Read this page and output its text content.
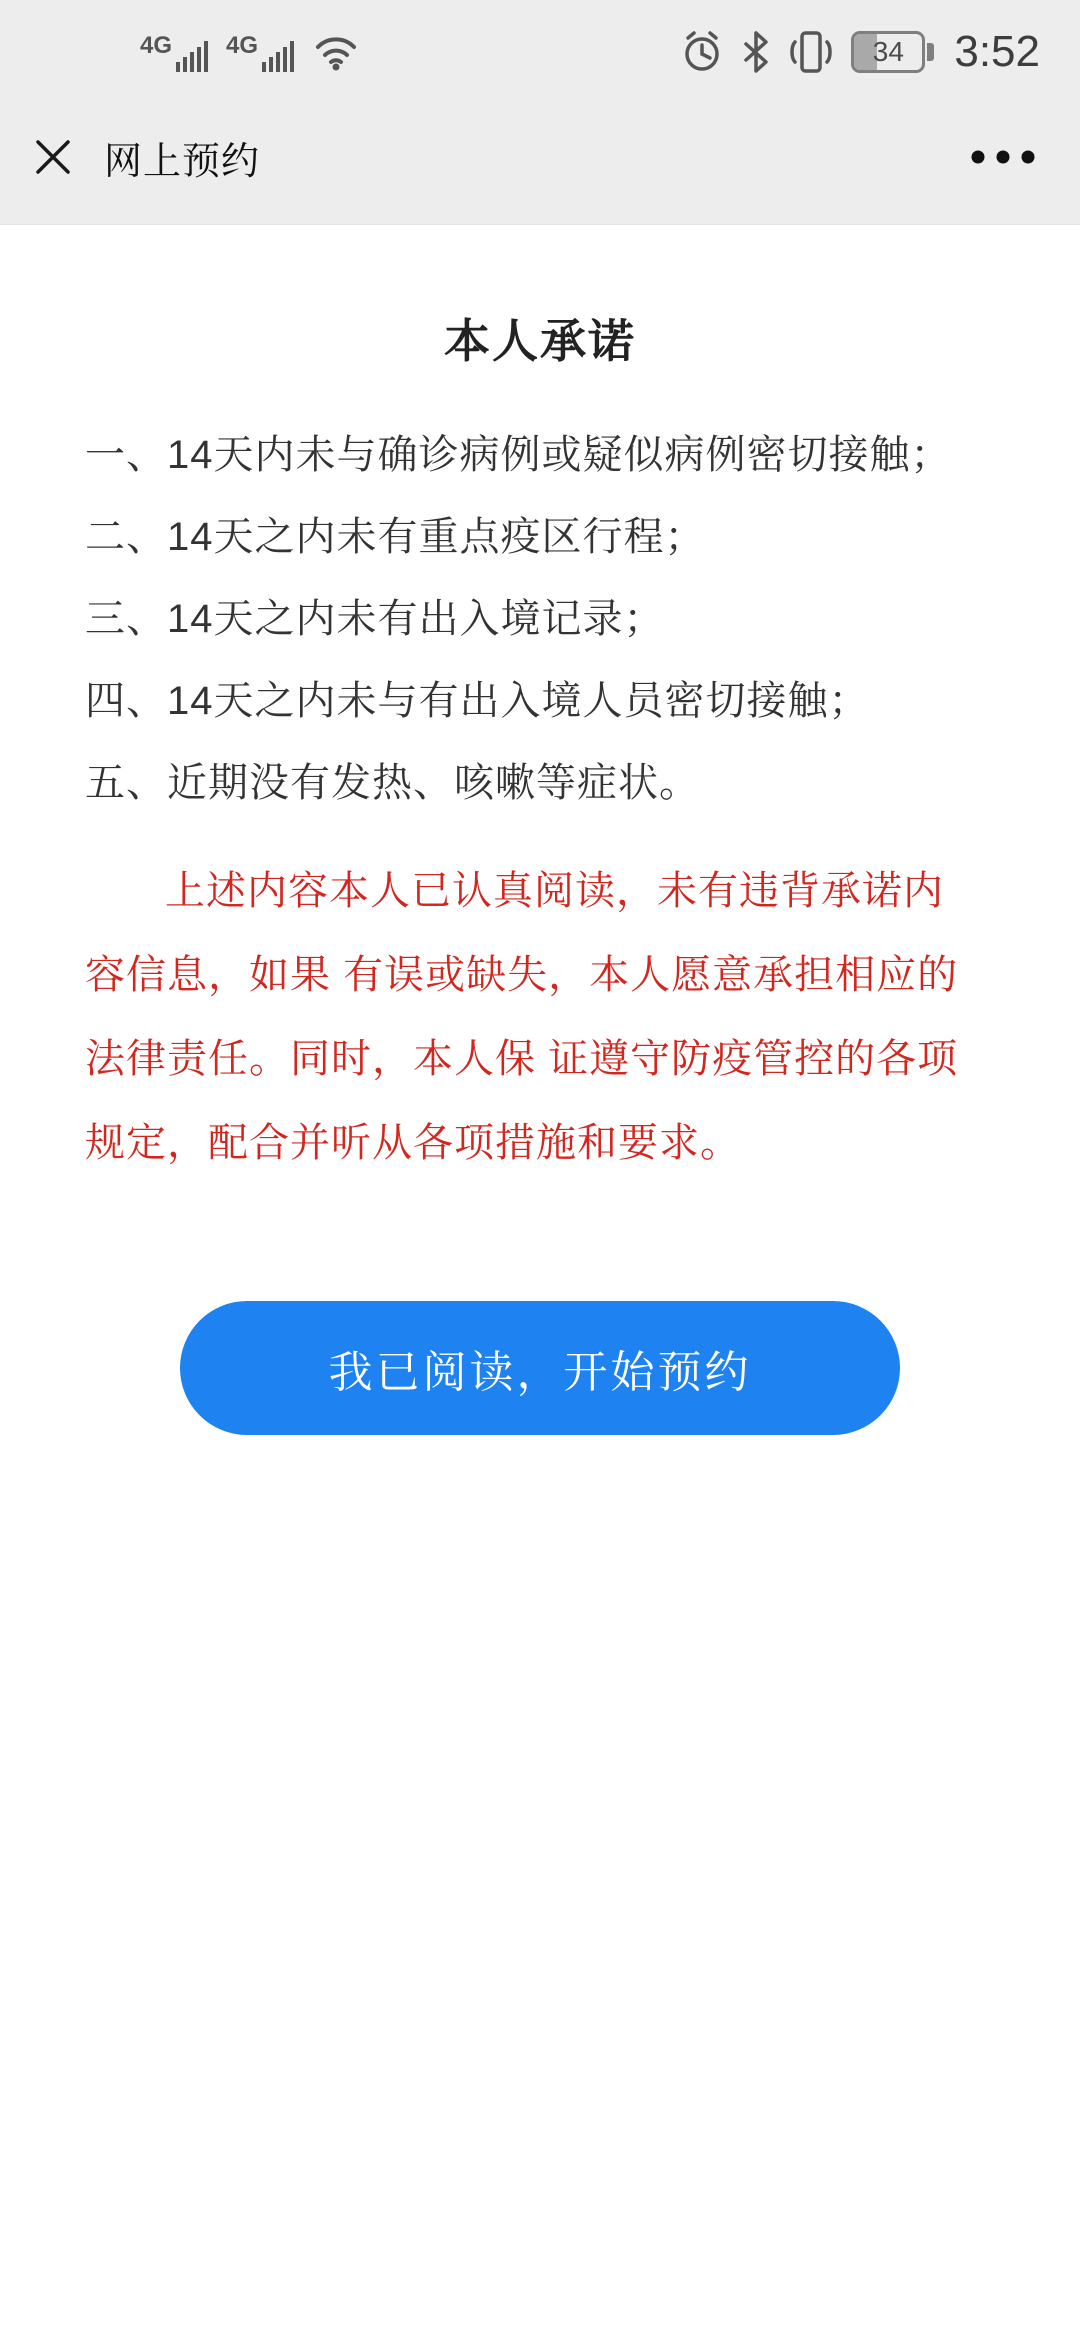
4G 4G	34	3:52
网上预约
本人承诺
一、14天内未与确诊病例或疑似病例密切接触；
二、14天之内未有重点疫区行程；
三、14天之内未有出入境记录；
四、14天之内未与有出入境人员密切接触；
五、近期没有发热、咳嗽等症状。
上述内容本人已认真阅读，未有违背承诺内
容信息，如果 有误或缺失，本人愿意承担相应的
法律责任。同时，本人保 证遵守防疫管控的各项
规定，配合并听从各项措施和要求。
我已阅读，开始预约
